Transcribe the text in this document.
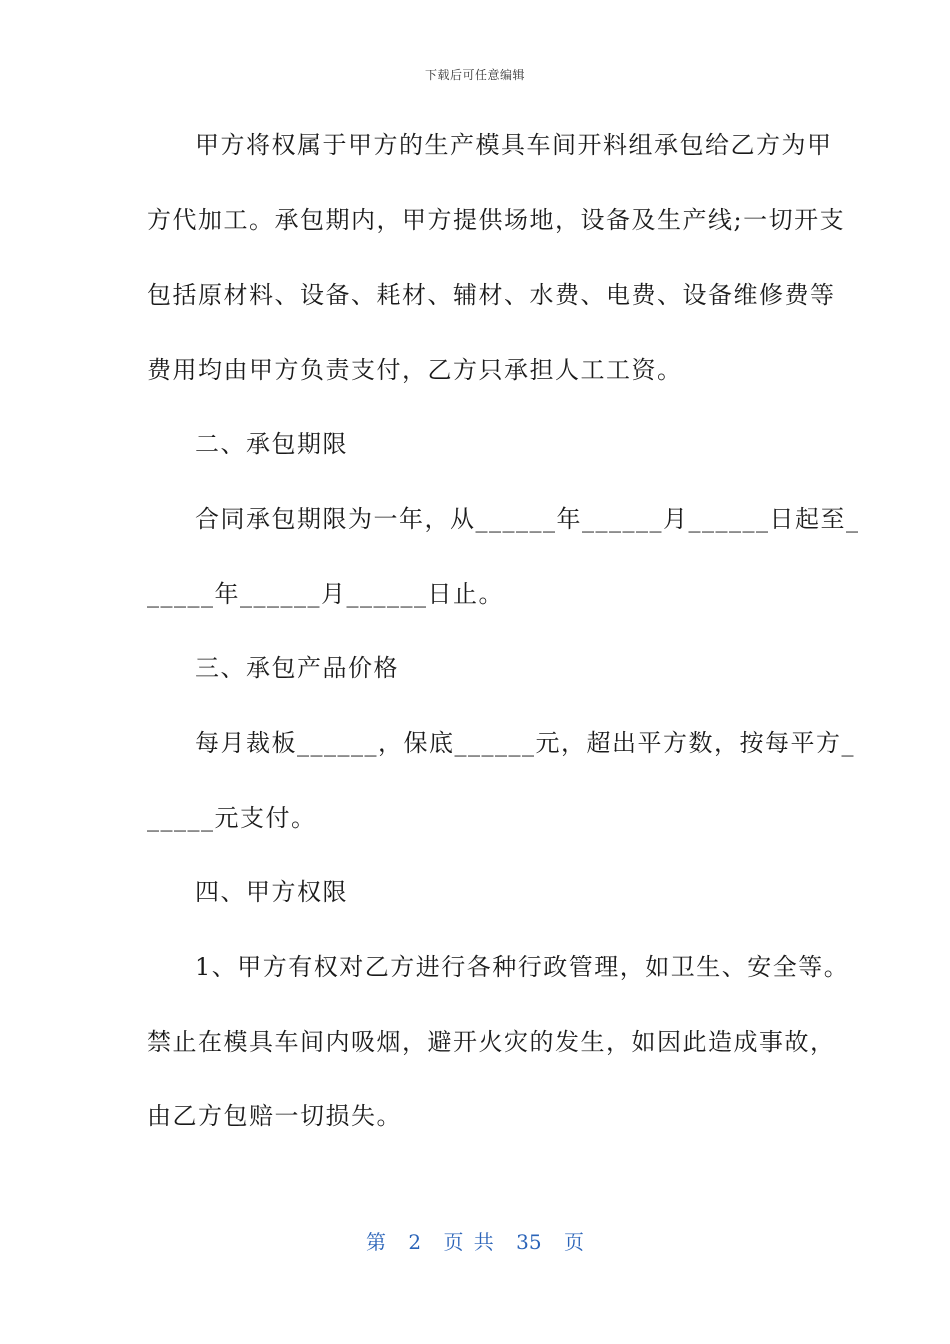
下载后可任意编辑
甲方将权属于甲方的生产模具车间开料组承包给乙方为甲
方代加工。承包期内，甲方提供场地，设备及生产线;一切开支
包括原材料、设备、耗材、辅材、水费、电费、设备维修费等
费用均由甲方负责支付，乙方只承担人工工资。
二、承包期限
合同承包期限为一年，从______年______月______日起至_
_____年______月______日止。
三、承包产品价格
每月裁板______，保底______元，超出平方数，按每平方_
_____元支付。
四、甲方权限
1、甲方有权对乙方进行各种行政管理，如卫生、安全等。
禁止在模具车间内吸烟，避开火灾的发生，如因此造成事故，
由乙方包赔一切损失。
第 2 页 共 35 页
